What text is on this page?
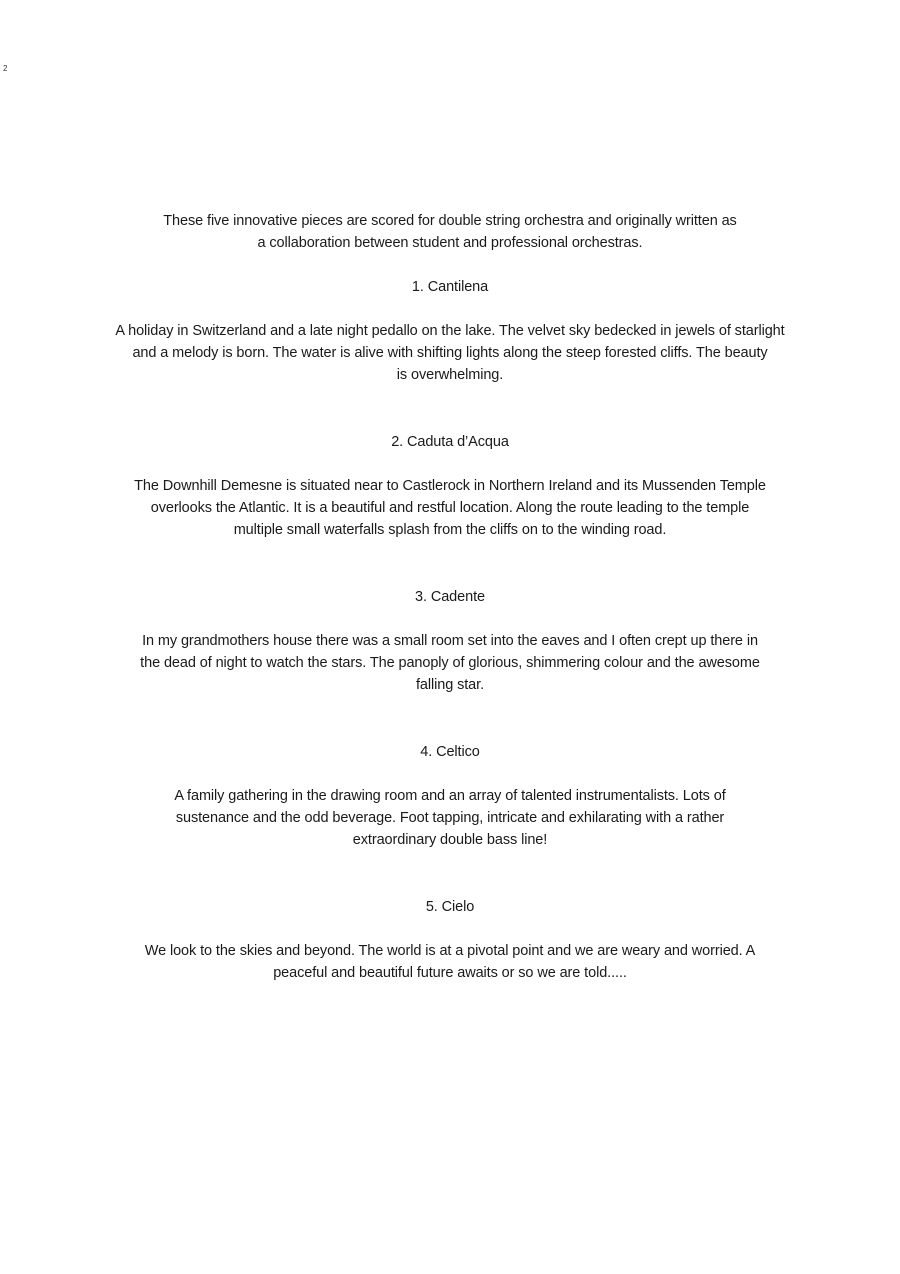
2

These five innovative pieces are scored for double string orchestra and originally written as
a collaboration between student and professional orchestras.

1. Cantilena

A holiday in Switzerland and a late night pedallo on the lake. The velvet sky bedecked in jewels of starlight
and a melody is born. The water is alive with shifting lights along the steep forested cliffs. The beauty
is overwhelming.

2. Caduta d’Acqua

The Downhill Demesne is situated near to Castlerock in Northern Ireland and its Mussenden Temple
overlooks the Atlantic. It is a beautiful and restful location. Along the route leading to the temple
multiple small waterfalls splash from the cliffs on to the winding road.

3. Cadente

In my grandmothers house there was a small room set into the eaves and I often crept up there in
the dead of night to watch the stars. The panoply of glorious, shimmering colour and the awesome
falling star.

4. Celtico

A family gathering in the drawing room and an array of talented instrumentalists. Lots of
sustenance and the odd beverage. Foot tapping, intricate and exhilarating with a rather
extraordinary double bass line!

5. Cielo

We look to the skies and beyond. The world is at a pivotal point and we are weary and worried. A
peaceful and beautiful future awaits or so we are told.....
